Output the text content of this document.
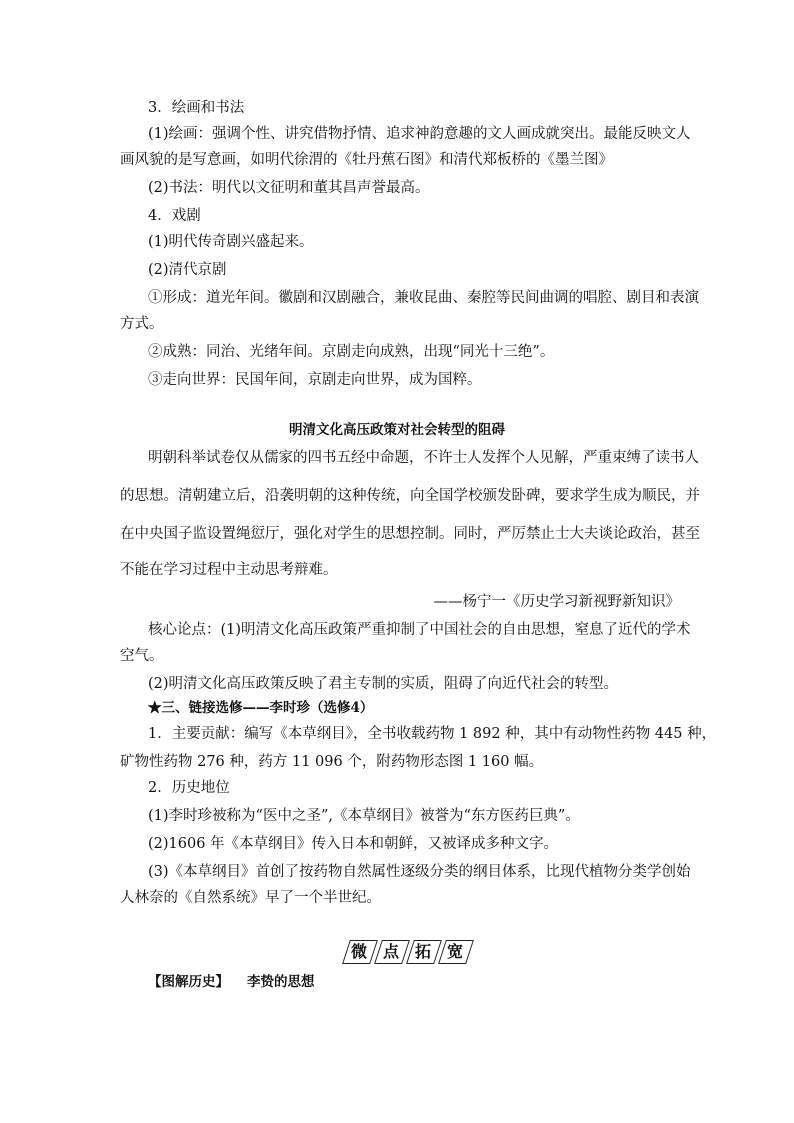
3．绘画和书法
(1)绘画：强调个性、讲究借物抒情、追求神韵意趣的文人画成就突出。最能反映文人
画风貌的是写意画，如明代徐渭的《牡丹蕉石图》和清代郑板桥的《墨兰图》
(2)书法：明代以文征明和董其昌声誉最高。
4．戏剧
(1)明代传奇剧兴盛起来。
(2)清代京剧
①形成：道光年间。徽剧和汉剧融合，兼收昆曲、秦腔等民间曲调的唱腔、剧目和表演
方式。
②成熟：同治、光绪年间。京剧走向成熟，出现“同光十三绝”。
③走向世界：民国年间，京剧走向世界，成为国粹。
明清文化高压政策对社会转型的阻碍
明朝科举试卷仅从儒家的四书五经中命题，不许士人发挥个人见解，严重束缚了读书人
的思想。清朝建立后，沿袭明朝的这种传统，向全国学校颁发卧碑，要求学生成为顺民，并
在中央国子监设置绳愆厅，强化对学生的思想控制。同时，严厉禁止士大夫谈论政治，甚至
不能在学习过程中主动思考辩难。
——杨宁一《历史学习新视野新知识》
核心论点：(1)明清文化高压政策严重抑制了中国社会的自由思想，窒息了近代的学术
空气。
(2)明清文化高压政策反映了君主专制的实质，阻碍了向近代社会的转型。
★三、链接选修——李时珍（选修4）
1．主要贡献：编写《本草纲目》，全书收载药物 1 892 种，其中有动物性药物 445 种，
矿物性药物 276 种，药方 11 096 个，附药物形态图 1 160 幅。
2．历史地位
(1)李时珍被称为“医中之圣”,《本草纲目》被誉为“东方医药巨典”。
(2)1606 年《本草纲目》传入日本和朝鲜，又被译成多种文字。
(3)《本草纲目》首创了按药物自然属性逐级分类的纲目体系，比现代植物分类学创始
人林奈的《自然系统》早了一个半世纪。
微 点 拓 宽
【图解历史】 李贽的思想
